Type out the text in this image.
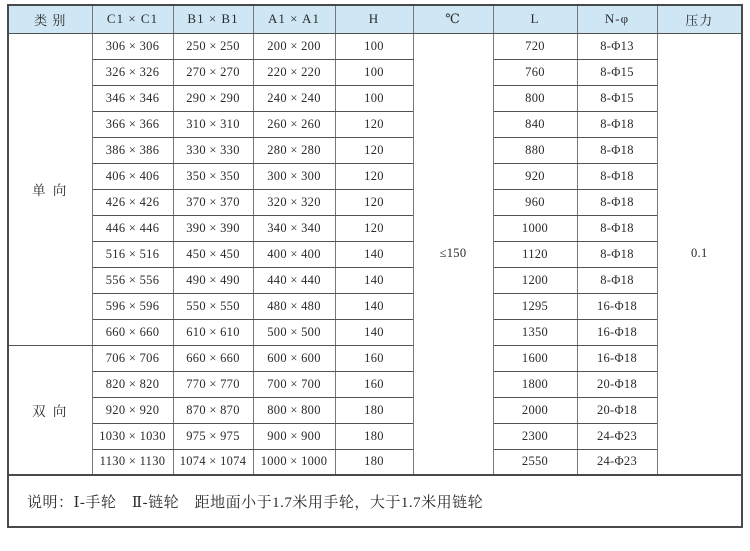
类 别	C1 × C1	B1 × B1	A1 × A1	H	℃	L	N-φ	压力
单 向	306 × 306	250 × 250	200 × 200	100	≤150	720	8-Φ13	0.1
	326 × 326	270 × 270	220 × 220	100		760	8-Φ15	
	346 × 346	290 × 290	240 × 240	100		800	8-Φ15	
	366 × 366	310 × 310	260 × 260	120		840	8-Φ18	
	386 × 386	330 × 330	280 × 280	120		880	8-Φ18	
	406 × 406	350 × 350	300 × 300	120		920	8-Φ18	
	426 × 426	370 × 370	320 × 320	120		960	8-Φ18	
	446 × 446	390 × 390	340 × 340	120		1000	8-Φ18	
	516 × 516	450 × 450	400 × 400	140		1120	8-Φ18	
	556 × 556	490 × 490	440 × 440	140		1200	8-Φ18	
	596 × 596	550 × 550	480 × 480	140		1295	16-Φ18	
	660 × 660	610 × 610	500 × 500	140		1350	16-Φ18	
双 向	706 × 706	660 × 660	600 × 600	160		1600	16-Φ18	
	820 × 820	770 × 770	700 × 700	160		1800	20-Φ18	
	920 × 920	870 × 870	800 × 800	180		2000	20-Φ18	
	1030 × 1030	975 × 975	900 × 900	180		2300	24-Φ23	
	1130 × 1130	1074 × 1074	1000 × 1000	180		2550	24-Φ23	
说明：Ⅰ-手轮　Ⅱ-链轮　距地面小于1.7米用手轮，大于1.7米用链轮								
